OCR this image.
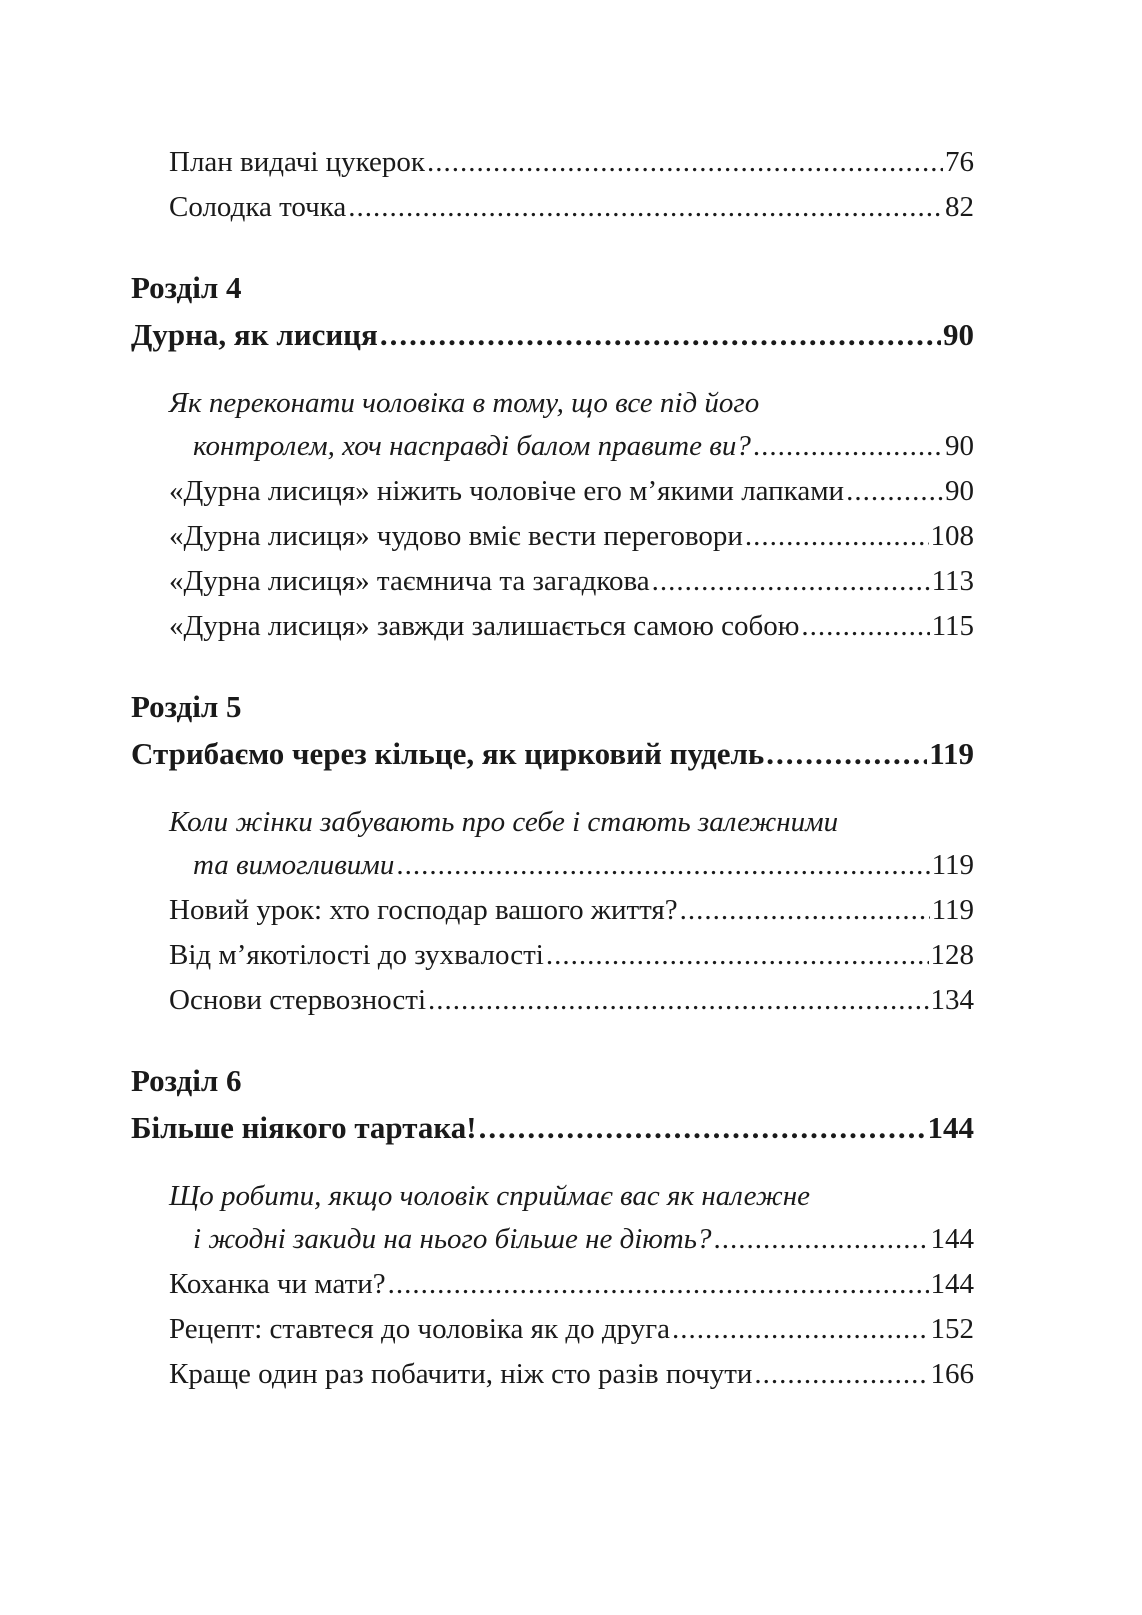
План видачі цукерок .....	76
Солодка точка .....	82
Розділ 4
Дурна, як лисиця .....	90
Як переконати чоловіка в тому, що все під його
контролем, хоч насправді балом правите ви? .....	90
«Дурна лисиця» ніжить чоловіче его м’якими лапками .....	90
«Дурна лисиця» чудово вміє вести переговори .....	108
«Дурна лисиця» таємнича та загадкова .....	113
«Дурна лисиця» завжди залишається самою собою .....	115
Розділ 5
Стрибаємо через кільце, як цирковий пудель .....	119
Коли жінки забувають про себе і стають залежними
та вимогливими .....	119
Новий урок: хто господар вашого життя? .....	119
Від м’якотілості до зухвалості .....	128
Основи стервозності .....	134
Розділ 6
Більше ніякого тартака! .....	144
Що робити, якщо чоловік сприймає вас як належне
і жодні закиди на нього більше не діють? .....	144
Коханка чи мати? .....	144
Рецепт: ставтеся до чоловіка як до друга .....	152
Краще один раз побачити, ніж сто разів почути .....	166
